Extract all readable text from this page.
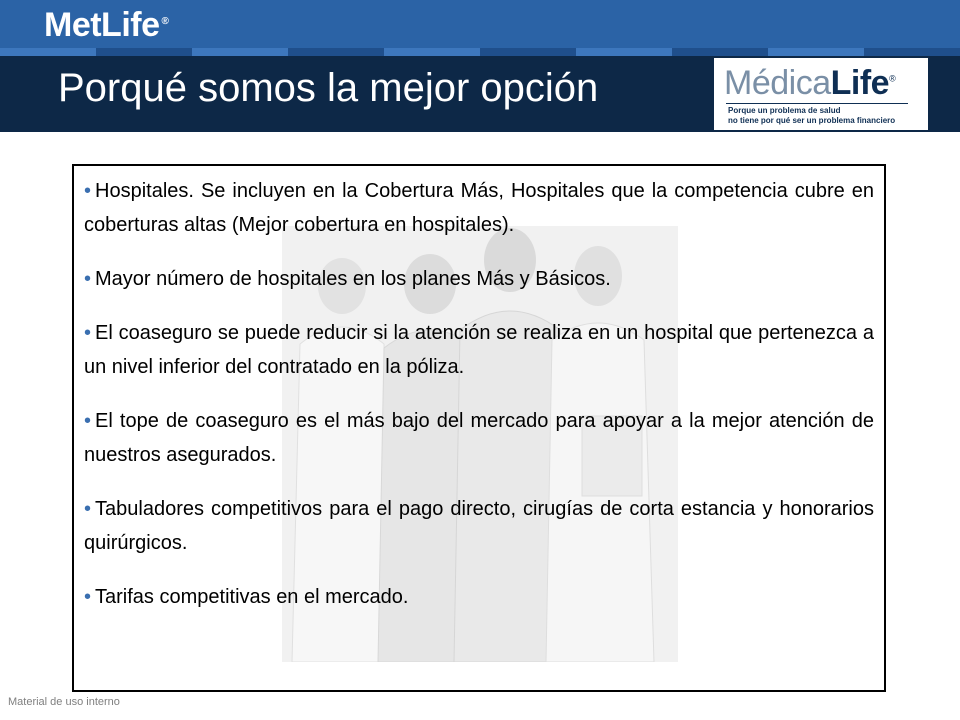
MetLife ®
Porqué somos la mejor opción	MédicaLife®
Porque un problema de salud
no tiene por qué ser un problema financiero

• Hospitales. Se incluyen en la Cobertura Más, Hospitales que la competencia cubre en coberturas altas (Mejor cobertura en hospitales).

• Mayor número de hospitales en los planes Más y Básicos.

• El coaseguro se puede reducir si la atención se realiza en un hospital que pertenezca a un nivel inferior del contratado en la póliza.

• El tope de coaseguro es el más bajo del mercado para apoyar a la mejor atención de nuestros asegurados.

• Tabuladores competitivos para el pago directo, cirugías de corta estancia y honorarios quirúrgicos.

• Tarifas competitivas en el mercado.

Material de uso interno
